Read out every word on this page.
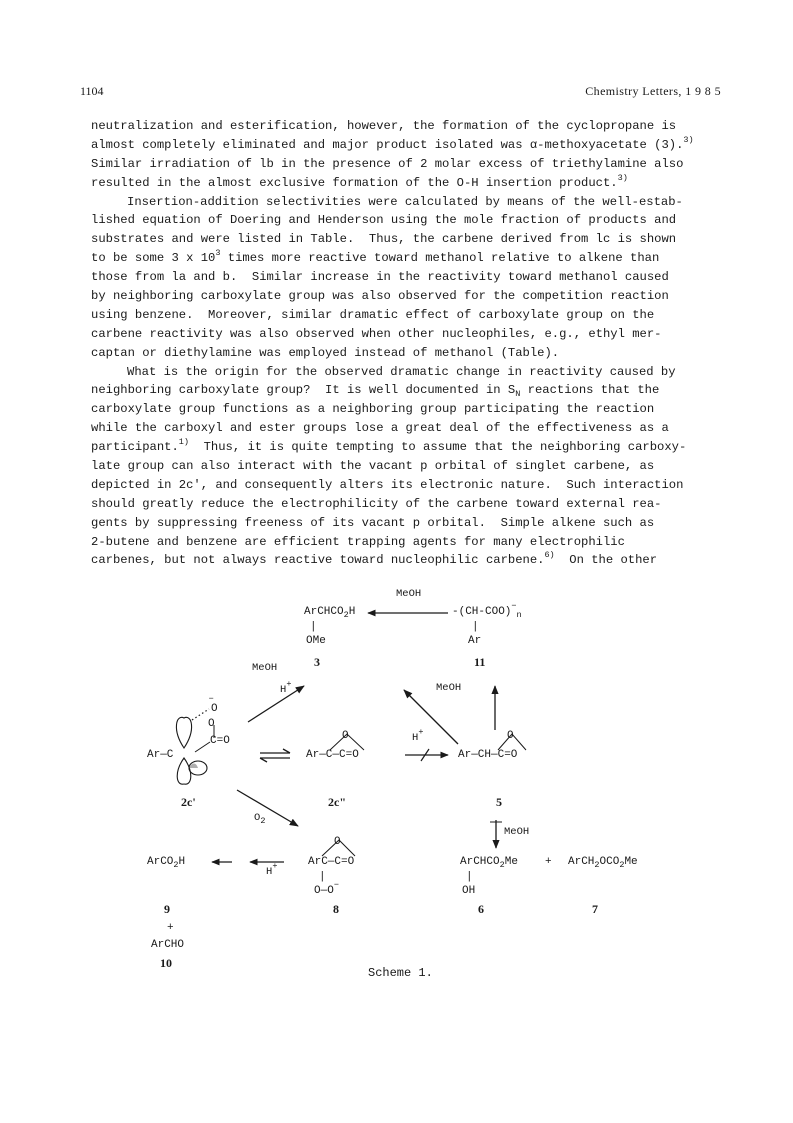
1104	Chemistry Letters, 1 9 8 5
neutralization and esterification, however, the formation of the cyclopropane is
almost completely eliminated and major product isolated was α-methoxyacetate (3).$^{3)}$
Similar irradiation of lb in the presence of 2 molar excess of triethylamine also
resulted in the almost exclusive formation of the O-H insertion product.$^{3)}$
Insertion-addition selectivities were calculated by means of the well-estab-
lished equation of Doering and Henderson using the mole fraction of products and
substrates and were listed in Table.  Thus, the carbene derived from lc is shown
to be some 3 x $10^3$ times more reactive toward methanol relative to alkene than
those from la and b.  Similar increase in the reactivity toward methanol caused
by neighboring carboxylate group was also observed for the competition reaction
using benzene.  Moreover, similar dramatic effect of carboxylate group on the
carbene reactivity was also observed when other nucleophiles, e.g., ethyl mer-
captan or diethylamine was employed instead of methanol (Table).
What is the origin for the observed dramatic change in reactivity caused by
neighboring carboxylate group?  It is well documented in $S_N$ reactions that the
carboxylate group functions as a neighboring group participating the reaction
while the carboxyl and ester groups lose a great deal of the effectiveness as a
participant.$^{1)}$  Thus, it is quite tempting to assume that the neighboring carboxy-
late group can also interact with the vacant p orbital of singlet carbene, as
depicted in 2c', and consequently alters its electronic nature.  Such interaction
should greatly reduce the electrophilicity of the carbene toward external rea-
gents by suppressing freeness of its vacant p orbital.  Simple alkene such as
2-butene and benzene are efficient trapping agents for many electrophilic
carbenes, but not always reactive toward nucleophilic carbene.$^{6)}$  On the other
MeOH
ArCHCO$_2$H
|
OMe
3
$-(CH-COO)^-_n$
|
Ar
11
MeOH
H+	MeOH
O−
O
C=O
Ar—C
2c'
O
Ar—C—C=O
2c"
H+	O
Ar—CH—C=O
5
$O_2$
MeOH
ArCO$_2$H
H+
O
ArC—C=O
|
O—O−
ArCHCO$_2$Me
|
OH
+ $ArCH_2OCO_2Me$
9	8	6	7
+
ArCHO
10
Scheme 1.
